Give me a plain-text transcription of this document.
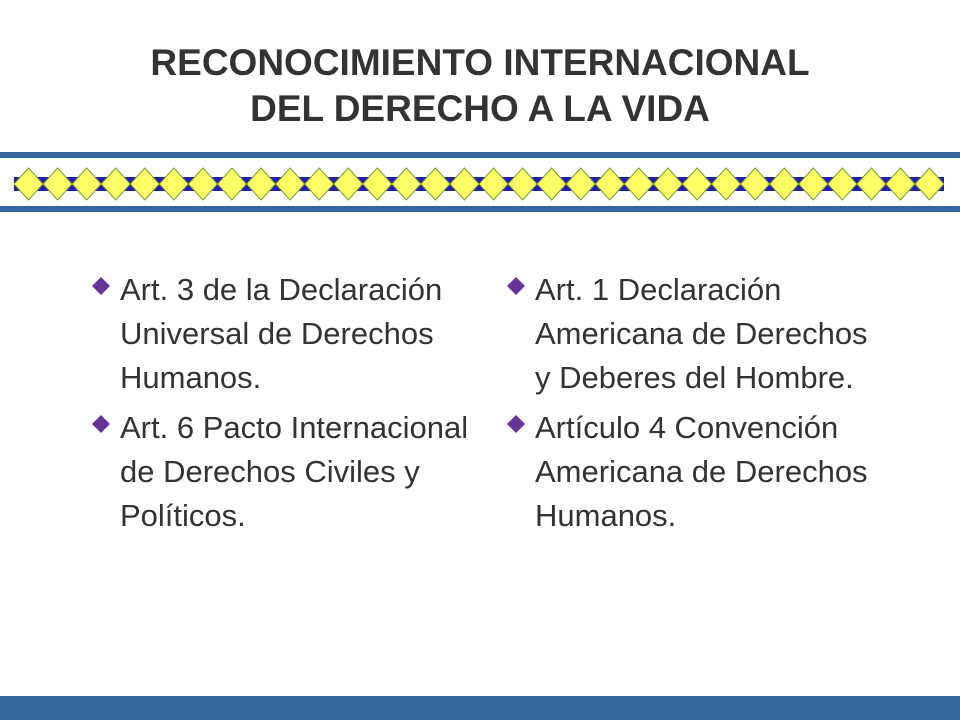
RECONOCIMIENTO INTERNACIONAL
DEL DERECHO A LA VIDA
Art. 3 de la Declaración Universal de Derechos Humanos.
Art. 6 Pacto Internacional de Derechos Civiles y Políticos.
Art. 1 Declaración Americana de Derechos y Deberes del Hombre.
Artículo 4 Convención Americana de Derechos Humanos.
